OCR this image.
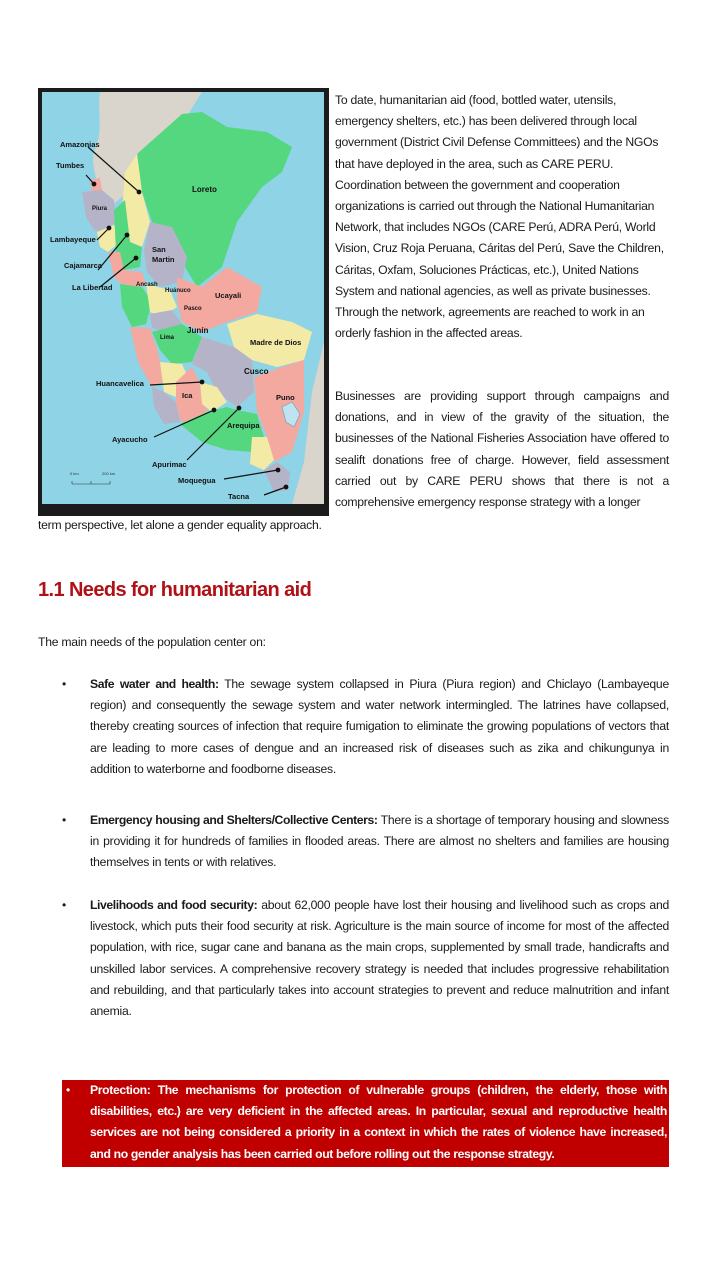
Amazonias
Tumbes
Loreto
Piura
Lambayeque
San
Martin
Cajamarca
La Libertad	Ancash
Huánuco	Ucayali
Pasco
Lima
Junín
Madre de Dios
Huancavelica
Cusco
Ica	Puno
Ayacucho
Arequipa
Apurimac
Moquegua
Tacna
0 km	200 km
To date, humanitarian aid (food, bottled water, utensils, emergency shelters, etc.) has been delivered through local government (District Civil Defense Committees) and the NGOs that have deployed in the area, such as CARE PERU. Coordination between the government and cooperation organizations is carried out through the National Humanitarian Network, that includes NGOs (CARE Perú, ADRA Perú, World Vision, Cruz Roja Peruana, Cáritas del Perú, Save the Children, Cáritas, Oxfam, Soluciones Prácticas, etc.), United Nations System and national agencies, as well as private businesses. Through the network, agreements are reached to work in an orderly fashion in the affected areas.
Businesses are providing support through campaigns and donations, and in view of the gravity of the situation, the businesses of the National Fisheries Association have offered to sealift donations free of charge. However, field assessment carried out by CARE PERU shows that there is not a comprehensive emergency response strategy with a longer
term perspective, let alone a gender equality approach.
1.1 Needs for humanitarian aid
The main needs of the population center on:
•	Safe water and health: The sewage system collapsed in Piura (Piura region) and Chiclayo (Lambayeque region) and consequently the sewage system and water network intermingled. The latrines have collapsed, thereby creating sources of infection that require fumigation to eliminate the growing populations of vectors that are leading to more cases of dengue and an increased risk of diseases such as zika and chikungunya in addition to waterborne and foodborne diseases.
•	Emergency housing and Shelters/Collective Centers: There is a shortage of temporary housing and slowness in providing it for hundreds of families in flooded areas. There are almost no shelters and families are housing themselves in tents or with relatives.
•	Livelihoods and food security: about 62,000 people have lost their housing and livelihood such as crops and livestock, which puts their food security at risk. Agriculture is the main source of income for most of the affected population, with rice, sugar cane and banana as the main crops, supplemented by small trade, handicrafts and unskilled labor services. A comprehensive recovery strategy is needed that includes progressive rehabilitation and rebuilding, and that particularly takes into account strategies to prevent and reduce malnutrition and infant anemia.
• Protection: The mechanisms for protection of vulnerable groups (children, the elderly, those with disabilities, etc.) are very deficient in the affected areas. In particular, sexual and reproductive health services are not being considered a priority in a context in which the rates of violence have increased, and no gender analysis has been carried out before rolling out the response strategy.
